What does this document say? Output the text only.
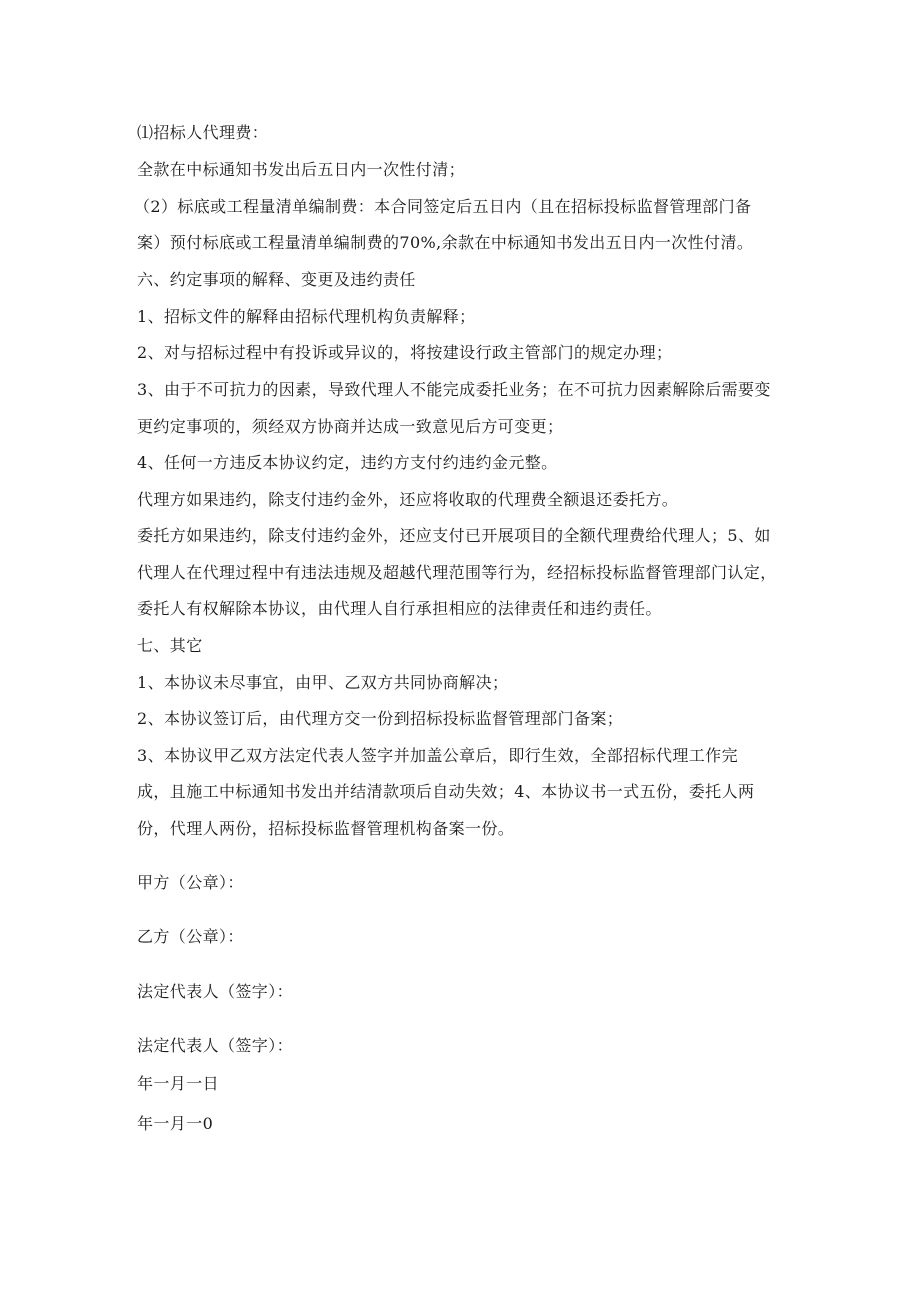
⑴招标人代理费：
全款在中标通知书发出后五日内一次性付清；
（2）标底或工程量清单编制费：本合同签定后五日内（且在招标投标监督管理部门备
案）预付标底或工程量清单编制费的70%,余款在中标通知书发出五日内一次性付清。
六、约定事项的解释、变更及违约责任
1、招标文件的解释由招标代理机构负责解释；
2、对与招标过程中有投诉或异议的，将按建设行政主管部门的规定办理；
3、由于不可抗力的因素，导致代理人不能完成委托业务；在不可抗力因素解除后需要变
更约定事项的，须经双方协商并达成一致意见后方可变更；
4、任何一方违反本协议约定，违约方支付约违约金元整。
代理方如果违约，除支付违约金外，还应将收取的代理费全额退还委托方。
委托方如果违约，除支付违约金外，还应支付已开展项目的全额代理费给代理人；5、如
代理人在代理过程中有违法违规及超越代理范围等行为，经招标投标监督管理部门认定，
委托人有权解除本协议，由代理人自行承担相应的法律责任和违约责任。
七、其它
1、本协议未尽事宜，由甲、乙双方共同协商解决；
2、本协议签订后，由代理方交一份到招标投标监督管理部门备案；
3、本协议甲乙双方法定代表人签字并加盖公章后，即行生效，全部招标代理工作完
成，且施工中标通知书发出并结清款项后自动失效；4、本协议书一式五份，委托人两
份，代理人两份，招标投标监督管理机构备案一份。
甲方（公章）：
乙方（公章）：
法定代表人（签字）：
法定代表人（签字）：
年一月一日
年一月一0
